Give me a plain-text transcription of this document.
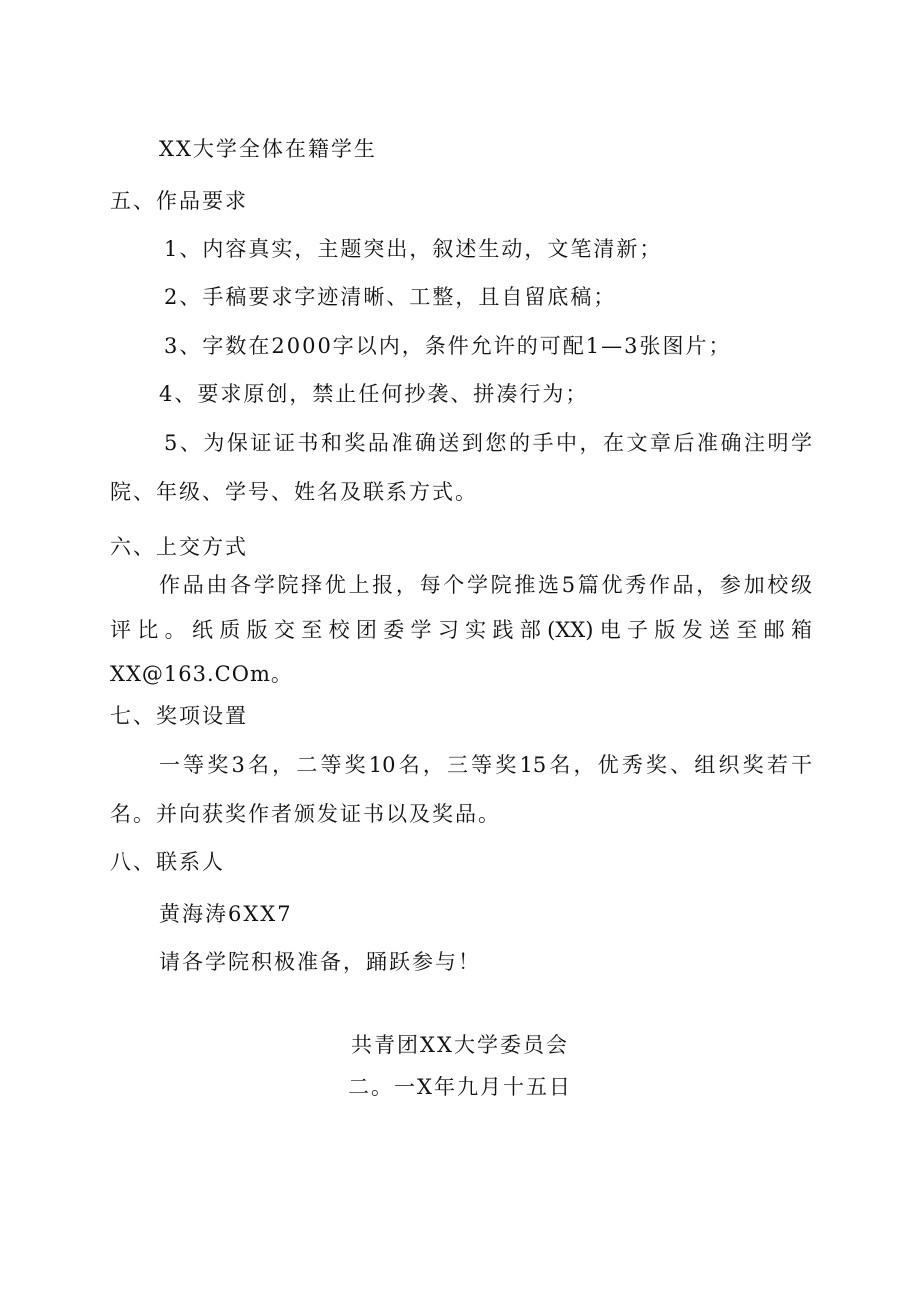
XX大学全体在籍学生
五、作品要求
1、内容真实，主题突出，叙述生动，文笔清新；
2、手稿要求字迹清晰、工整，且自留底稿；
3、字数在2000字以内，条件允许的可配1—3张图片；
4、要求原创，禁止任何抄袭、拼凑行为；
5、为保证证书和奖品准确送到您的手中，在文章后准确注明学
院、年级、学号、姓名及联系方式。
六、上交方式
作品由各学院择优上报，每个学院推选5篇优秀作品，参加校级
评比。纸质版交至校团委学习实践部(XX)电子版发送至邮箱
XX@163.COm。
七、奖项设置
一等奖3名，二等奖10名，三等奖15名，优秀奖、组织奖若干
名。并向获奖作者颁发证书以及奖品。
八、联系人
黄海涛6XX7
请各学院积极准备，踊跃参与！
共青团XX大学委员会
二。一X年九月十五日
